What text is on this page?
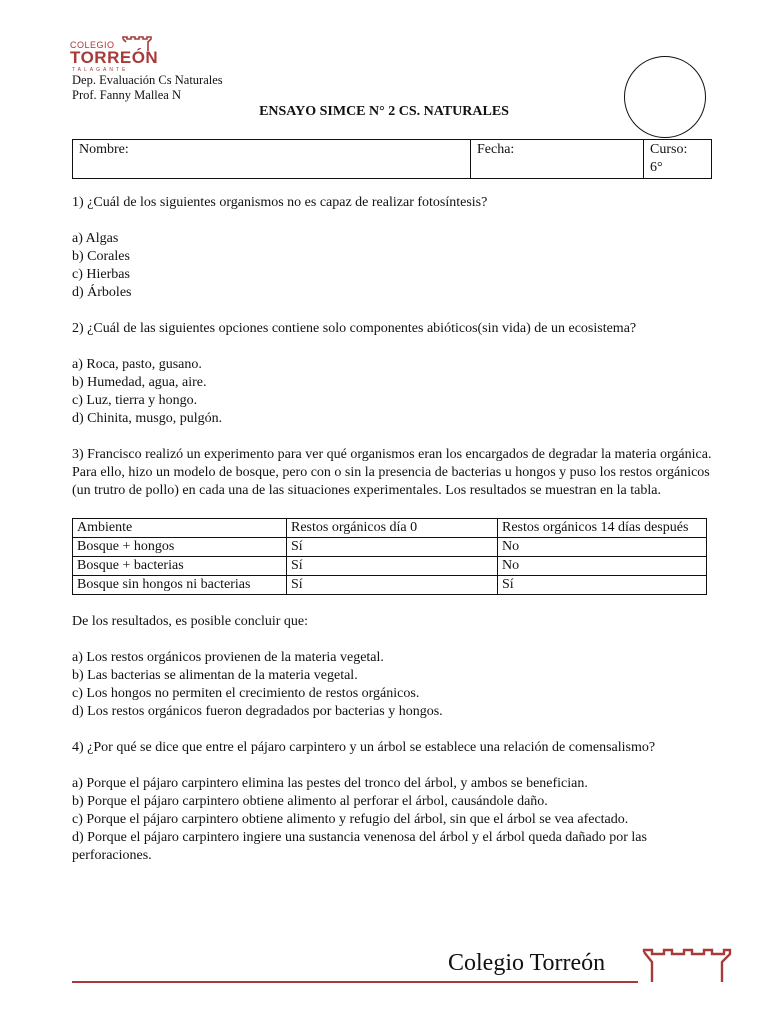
COLEGIO
TORREÓN
TALAGANTE
Dep. Evaluación Cs Naturales
Prof. Fanny Mallea N
ENSAYO SIMCE N° 2 CS. NATURALES
Nombre:	Fecha:	Curso:
6°

1) ¿Cuál de los siguientes organismos no es capaz de realizar fotosíntesis?

a) Algas

b) Corales

c) Hierbas

d) Árboles

2) ¿Cuál de las siguientes opciones contiene solo componentes abióticos(sin vida) de un ecosistema?

a) Roca, pasto, gusano.

b) Humedad, agua, aire.

c) Luz, tierra y hongo.

d) Chinita, musgo, pulgón.

3) Francisco realizó un experimento para ver qué organismos eran los encargados de degradar la materia orgánica. Para ello, hizo un modelo de bosque, pero con o sin la presencia de bacterias u hongos y puso los restos orgánicos (un trutro de pollo) en cada una de las situaciones experimentales. Los resultados se muestran en la tabla.

Ambiente	Restos orgánicos día 0	Restos orgánicos 14 días después
Bosque + hongos	Sí	No
Bosque + bacterias	Sí	No
Bosque sin hongos ni bacterias	Sí	Sí

De los resultados, es posible concluir que:

a) Los restos orgánicos provienen de la materia vegetal.

b) Las bacterias se alimentan de la materia vegetal.

c) Los hongos no permiten el crecimiento de restos orgánicos.

d) Los restos orgánicos fueron degradados por bacterias y hongos.

4) ¿Por qué se dice que entre el pájaro carpintero y un árbol se establece una relación de comensalismo?

a) Porque el pájaro carpintero elimina las pestes del tronco del árbol, y ambos se benefician.

b) Porque el pájaro carpintero obtiene alimento al perforar el árbol, causándole daño.

c) Porque el pájaro carpintero obtiene alimento y refugio del árbol, sin que el árbol se vea afectado.

d) Porque el pájaro carpintero ingiere una sustancia venenosa del árbol y el árbol queda dañado por las perforaciones.

Colegio Torreón
